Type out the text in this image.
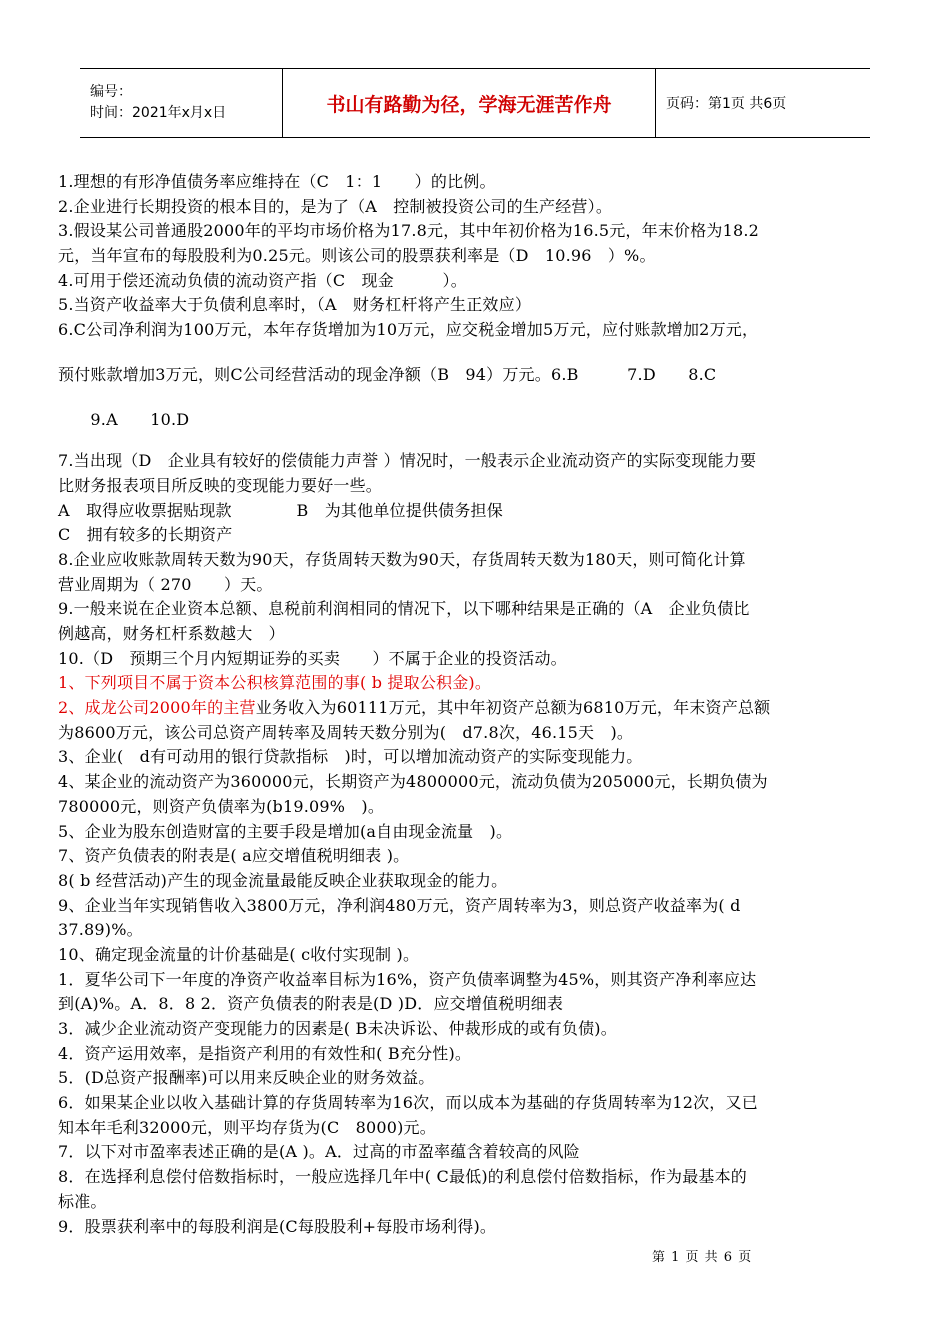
编号：
时间：2021年x月x日	书山有路勤为径，学海无涯苦作舟	页码：第1页 共6页
1.理想的有形净值债务率应维持在（C　1：1　　）的比例。
2.企业进行长期投资的根本目的，是为了（A　控制被投资公司的生产经营）。
3.假设某公司普通股2000年的平均市场价格为17.8元，其中年初价格为16.5元，年末价格为18.2
元，当年宣布的每股股利为0.25元。则该公司的股票获利率是（D　10.96　）%。
4.可用于偿还流动负债的流动资产指（C　现金　　　）。
5.当资产收益率大于负债利息率时，（A　财务杠杆将产生正效应）
6.C公司净利润为100万元，本年存货增加为10万元，应交税金增加5万元，应付账款增加2万元，
预付账款增加3万元，则C公司经营活动的现金净额（B　94）万元。6.B　　　7.D　　8.C
　　9.A　　10.D
7.当出现（D　企业具有较好的偿债能力声誉 ）情况时，一般表示企业流动资产的实际变现能力要
比财务报表项目所反映的变现能力要好一些。
A　取得应收票据贴现款　　　　B　为其他单位提供债务担保
C　拥有较多的长期资产
8.企业应收账款周转天数为90天，存货周转天数为90天，存货周转天数为180天，则可简化计算
营业周期为（ 270　　）天。
9.一般来说在企业资本总额、息税前利润相同的情况下，以下哪种结果是正确的（A　企业负债比
例越高，财务杠杆系数越大　）
10.（D　预期三个月内短期证券的买卖　　）不属于企业的投资活动。
1、下列项目不属于资本公积核算范围的事( b 提取公积金)。
2、成龙公司2000年的主营业务收入为60111万元，其中年初资产总额为6810万元，年末资产总额
为8600万元，该公司总资产周转率及周转天数分别为(　d7.8次，46.15天　)。
3、企业(　d有可动用的银行贷款指标　)时，可以增加流动资产的实际变现能力。
4、某企业的流动资产为360000元，长期资产为4800000元，流动负债为205000元，长期负债为
780000元，则资产负债率为(b19.09%　)。
5、企业为股东创造财富的主要手段是增加(a自由现金流量　)。
7、资产负债表的附表是( a应交增值税明细表 )。
8( b 经营活动)产生的现金流量最能反映企业获取现金的能力。
9、企业当年实现销售收入3800万元，净利润480万元，资产周转率为3，则总资产收益率为( d
37.89)%。
10、确定现金流量的计价基础是( c收付实现制 )。
1．夏华公司下一年度的净资产收益率目标为16%，资产负债率调整为45%，则其资产净利率应达
到(A)%。A．8．8 2．资产负债表的附表是(D )D．应交增值税明细表
3．减少企业流动资产变现能力的因素是( B未决诉讼、仲裁形成的或有负债)。
4．资产运用效率，是指资产利用的有效性和( B充分性)。
5．(D总资产报酬率)可以用来反映企业的财务效益。
6．如果某企业以收入基础计算的存货周转率为16次，而以成本为基础的存货周转率为12次，又已
知本年毛利32000元，则平均存货为(C　8000)元。
7．以下对市盈率表述正确的是(A )。A．过高的市盈率蕴含着较高的风险
8．在选择利息偿付倍数指标时，一般应选择几年中( C最低)的利息偿付倍数指标，作为最基本的
标准。
9．股票获利率中的每股利润是(C每股股利+每股市场利得)。
第 1 页 共 6 页
